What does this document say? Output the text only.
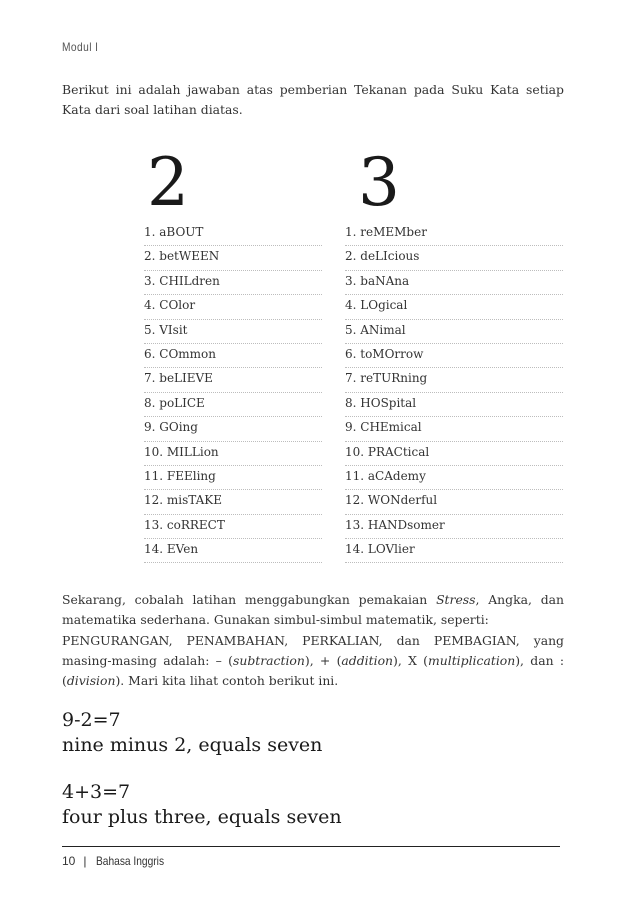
Modul I
Berikut ini adalah jawaban atas pemberian Tekanan pada Suku Kata setiap Kata dari soal latihan diatas.
2	3
1. aBOUT
2. betWEEN
3. CHILdren
4. COlor
5. VIsit
6. COmmon
7. beLIEVE
8. poLICE
9. GOing
10. MILLion
11. FEEling
12. misTAKE
13. coRRECT
14. EVen
1. reMEMber
2. deLIcious
3. baNAna
4. LOgical
5. ANimal
6. toMOrrow
7. reTURning
8. HOSpital
9. CHEmical
10. PRACtical
11. aCAdemy
12. WONderful
13. HANDsomer
14. LOVlier
Sekarang, cobalah latihan menggabungkan pemakaian Stress, Angka, dan matematika sederhana. Gunakan simbul-simbul matematik, seperti:
PENGURANGAN, PENAMBAHAN, PERKALIAN, dan PEMBAGIAN, yang masing-masing adalah: – (subtraction), + (addition), X (multiplication), dan : (division). Mari kita lihat contoh berikut ini.
9-2=7
nine minus 2, equals seven
4+3=7
four plus three, equals seven
10 | Bahasa Inggris
